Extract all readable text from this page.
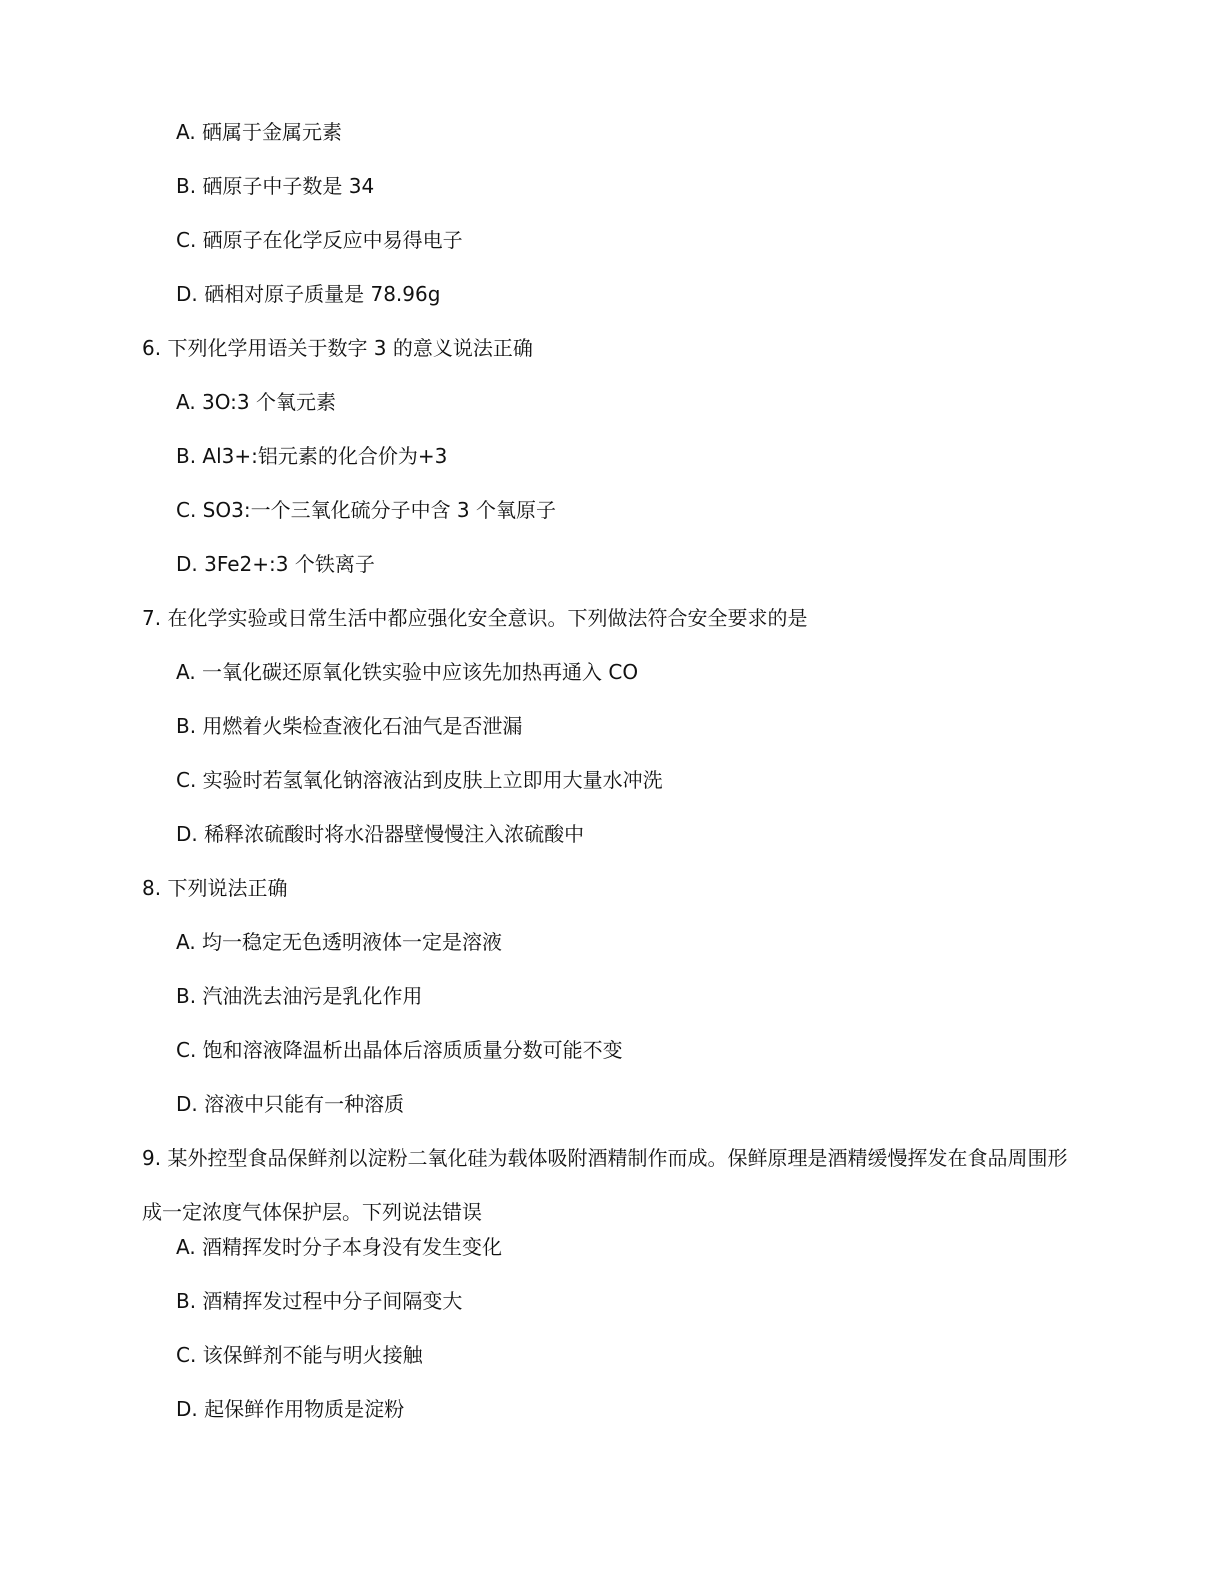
A. 硒属于金属元素
B. 硒原子中子数是 34
C. 硒原子在化学反应中易得电子
D. 硒相对原子质量是 78.96g
6. 下列化学用语关于数字 3 的意义说法正确
A. 3O:3 个氧元素
B. Al3+:铝元素的化合价为+3
C. SO3:一个三氧化硫分子中含 3 个氧原子
D. 3Fe2+:3 个铁离子
7. 在化学实验或日常生活中都应强化安全意识。下列做法符合安全要求的是
A. 一氧化碳还原氧化铁实验中应该先加热再通入 CO
B. 用燃着火柴检查液化石油气是否泄漏
C. 实验时若氢氧化钠溶液沾到皮肤上立即用大量水冲洗
D. 稀释浓硫酸时将水沿器壁慢慢注入浓硫酸中
8. 下列说法正确
A. 均一稳定无色透明液体一定是溶液
B. 汽油洗去油污是乳化作用
C. 饱和溶液降温析出晶体后溶质质量分数可能不变
D. 溶液中只能有一种溶质
9. 某外控型食品保鲜剂以淀粉二氧化硅为载体吸附酒精制作而成。保鲜原理是酒精缓慢挥发在食品周围形成一定浓度气体保护层。下列说法错误
A. 酒精挥发时分子本身没有发生变化
B. 酒精挥发过程中分子间隔变大
C. 该保鲜剂不能与明火接触
D. 起保鲜作用物质是淀粉
